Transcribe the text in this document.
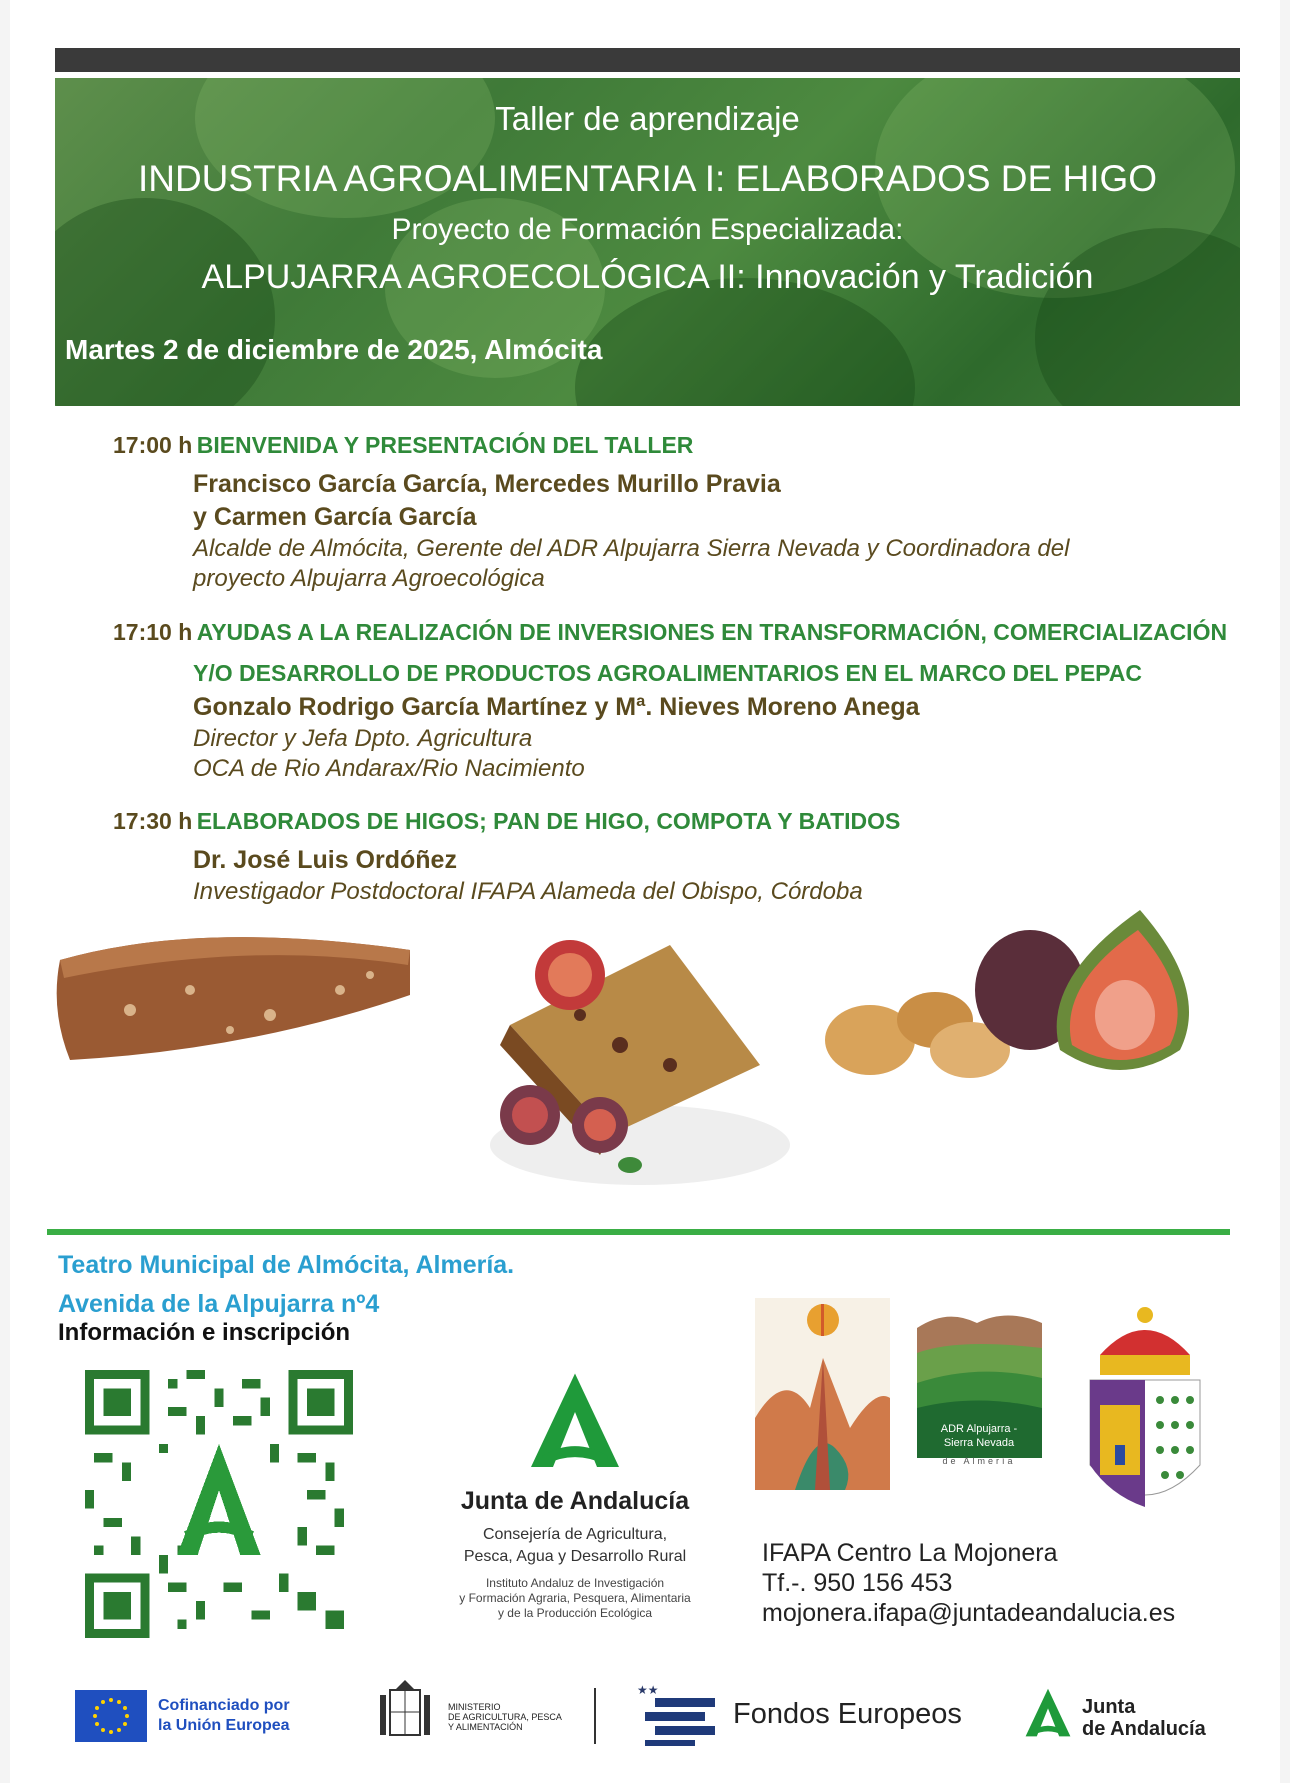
Taller de aprendizaje
INDUSTRIA AGROALIMENTARIA I: ELABORADOS DE HIGO
Proyecto de Formación Especializada:
ALPUJARRA AGROECOLÓGICA II: Innovación y Tradición
Martes 2 de diciembre de 2025, Almócita
17:00 h BIENVENIDA Y PRESENTACIÓN DEL TALLER
Francisco García García, Mercedes Murillo Pravia
y Carmen García García
Alcalde de Almócita, Gerente del ADR Alpujarra Sierra Nevada y Coordinadora del
proyecto Alpujarra Agroecológica
17:10 h AYUDAS A LA REALIZACIÓN DE INVERSIONES EN TRANSFORMACIÓN, COMERCIALIZACIÓN
Y/O DESARROLLO DE PRODUCTOS AGROALIMENTARIOS EN EL MARCO DEL PEPAC
Gonzalo Rodrigo García Martínez y Mª. Nieves Moreno Anega
Director y Jefa Dpto. Agricultura
OCA de Rio Andarax/Rio Nacimiento
17:30 h ELABORADOS DE HIGOS; PAN DE HIGO, COMPOTA Y BATIDOS
Dr. José Luis Ordóñez
Investigador Postdoctoral IFAPA Alameda del Obispo, Córdoba
Teatro Municipal de Almócita, Almería.
Avenida de la Alpujarra nº4
Información e inscripción
Junta de Andalucía
Consejería de Agricultura,
Pesca, Agua y Desarrollo Rural
Instituto Andaluz de Investigación
y Formación Agraria, Pesquera, Alimentaria
y de la Producción Ecológica
ADR Alpujarra -
Sierra Nevada
de Almería
IFAPA Centro La Mojonera
Tf.-. 950 156 453
mojonera.ifapa@juntadeandalucia.es
Cofinanciado por
la Unión Europea
MINISTERIO
DE AGRICULTURA, PESCA
Y ALIMENTACIÓN
★★
Fondos Europeos	Junta
de Andalucía
